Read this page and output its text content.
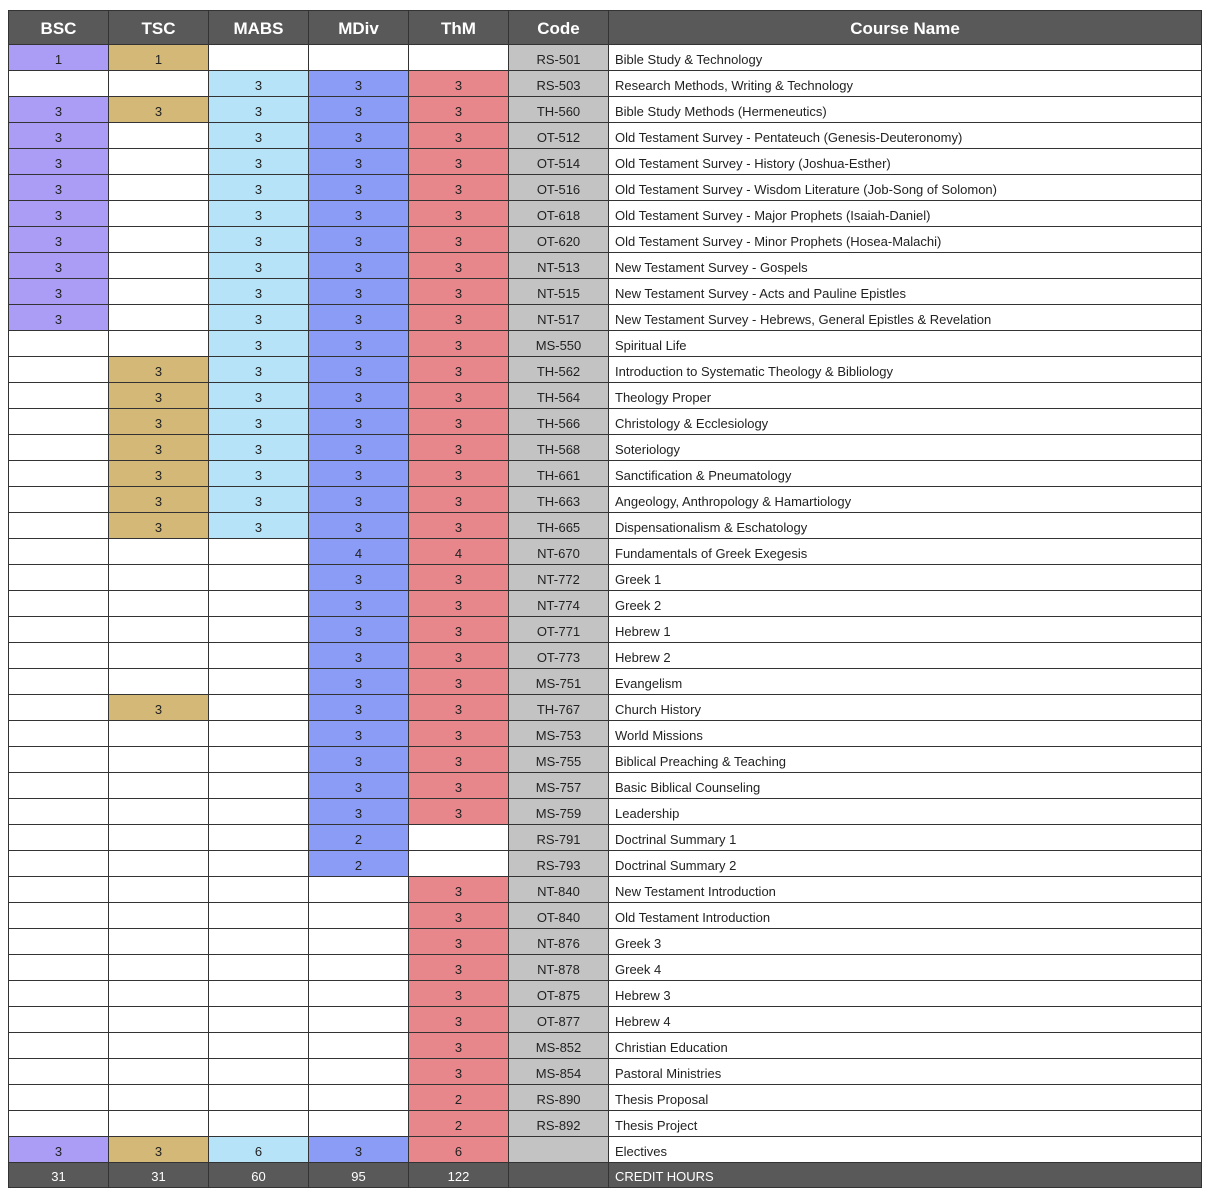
BSC	TSC	MABS	MDiv	ThM	Code	Course Name
1	1				RS-501	Bible Study & Technology
		3	3	3	RS-503	Research Methods, Writing & Technology
3	3	3	3	3	TH-560	Bible Study Methods (Hermeneutics)
3		3	3	3	OT-512	Old Testament Survey - Pentateuch (Genesis-Deuteronomy)
3		3	3	3	OT-514	Old Testament Survey - History (Joshua-Esther)
3		3	3	3	OT-516	Old Testament Survey - Wisdom Literature (Job-Song of Solomon)
3		3	3	3	OT-618	Old Testament Survey - Major Prophets (Isaiah-Daniel)
3		3	3	3	OT-620	Old Testament Survey - Minor Prophets (Hosea-Malachi)
3		3	3	3	NT-513	New Testament Survey - Gospels
3		3	3	3	NT-515	New Testament Survey - Acts and Pauline Epistles
3		3	3	3	NT-517	New Testament Survey - Hebrews, General Epistles & Revelation
		3	3	3	MS-550	Spiritual Life
	3	3	3	3	TH-562	Introduction to Systematic Theology & Bibliology
	3	3	3	3	TH-564	Theology Proper
	3	3	3	3	TH-566	Christology & Ecclesiology
	3	3	3	3	TH-568	Soteriology
	3	3	3	3	TH-661	Sanctification & Pneumatology
	3	3	3	3	TH-663	Angeology, Anthropology & Hamartiology
	3	3	3	3	TH-665	Dispensationalism & Eschatology
			4	4	NT-670	Fundamentals of Greek Exegesis
			3	3	NT-772	Greek 1
			3	3	NT-774	Greek 2
			3	3	OT-771	Hebrew 1
			3	3	OT-773	Hebrew 2
			3	3	MS-751	Evangelism
	3		3	3	TH-767	Church History
			3	3	MS-753	World Missions
			3	3	MS-755	Biblical Preaching & Teaching
			3	3	MS-757	Basic Biblical Counseling
			3	3	MS-759	Leadership
			2		RS-791	Doctrinal Summary 1
			2		RS-793	Doctrinal Summary 2
				3	NT-840	New Testament Introduction
				3	OT-840	Old Testament Introduction
				3	NT-876	Greek 3
				3	NT-878	Greek 4
				3	OT-875	Hebrew 3
				3	OT-877	Hebrew 4
				3	MS-852	Christian Education
				3	MS-854	Pastoral Ministries
				2	RS-890	Thesis Proposal
				2	RS-892	Thesis Project
3	3	6	3	6		Electives
31	31	60	95	122		CREDIT HOURS
